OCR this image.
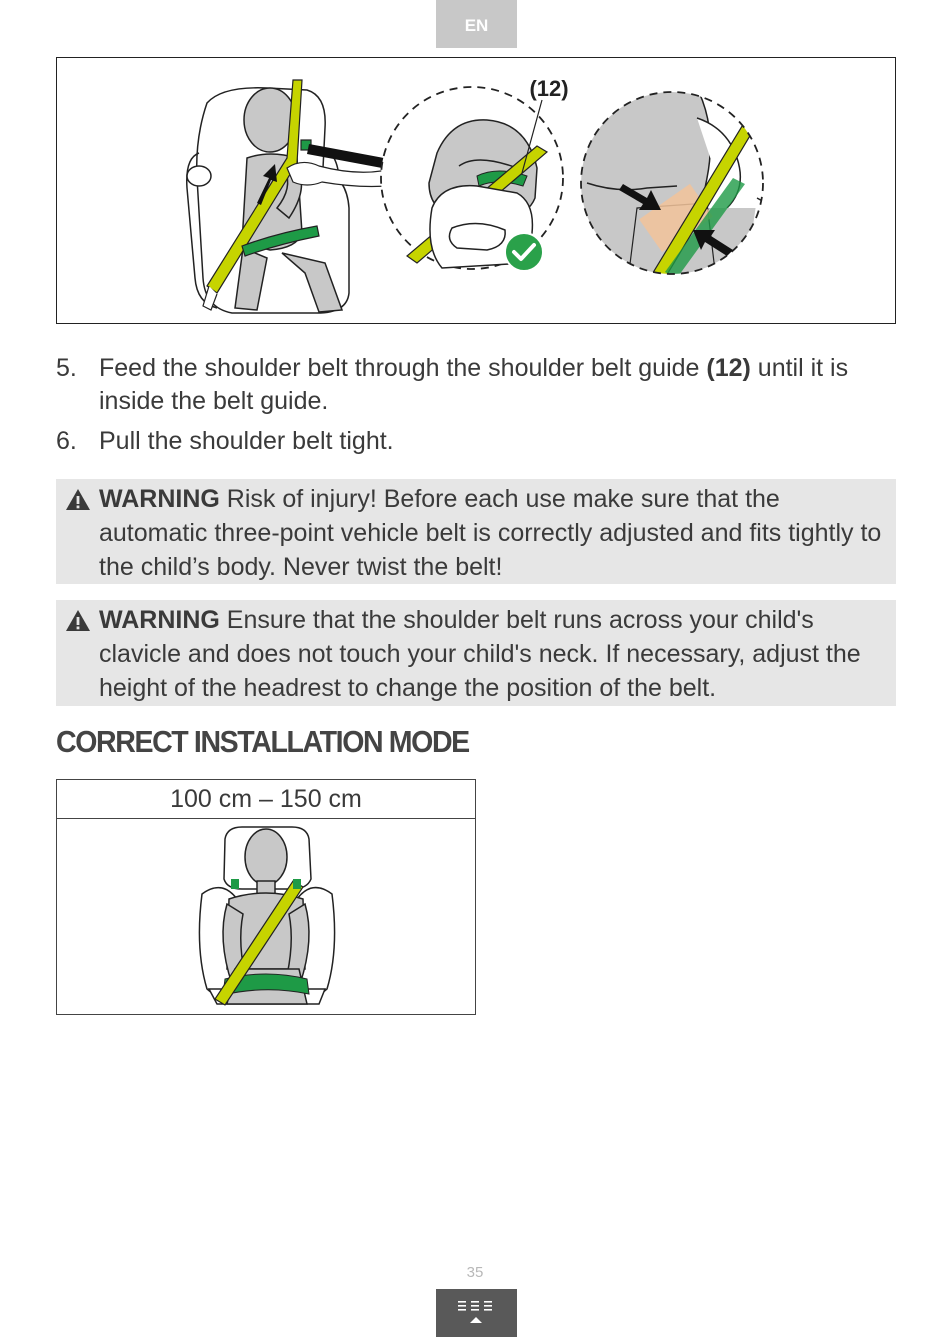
EN
(12)
5. Feed the shoulder belt through the shoulder belt guide (12) until it is inside the belt guide.
6. Pull the shoulder belt tight.
WARNING Risk of injury! Before each use make sure that the automatic three-point vehicle belt is correctly adjusted and fits tightly to the child’s body. Never twist the belt!
WARNING Ensure that the shoulder belt runs across your child's clavicle and does not touch your child's neck. If necessary, adjust the height of the headrest to change the position of the belt.
CORRECT INSTALLATION MODE
100 cm – 150 cm
35
